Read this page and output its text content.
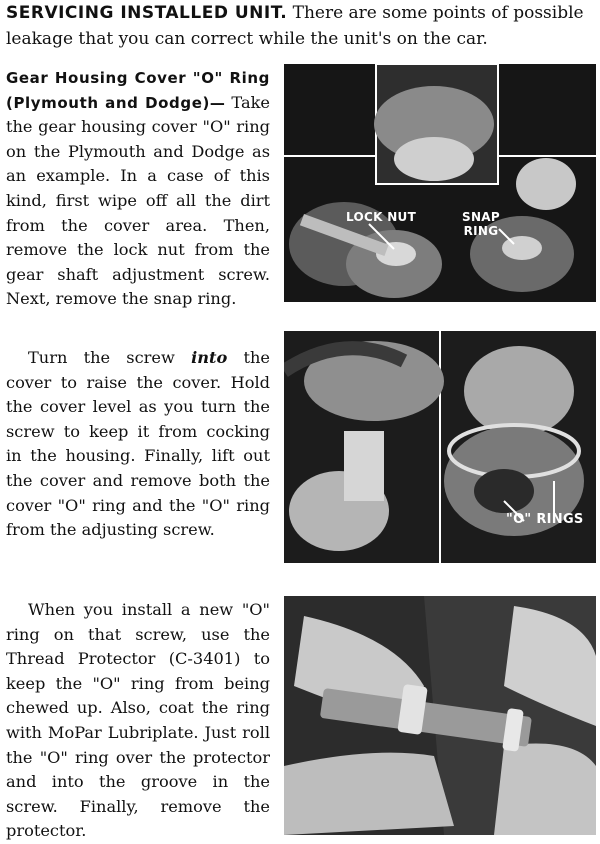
SERVICING INSTALLED UNIT. There are some points of possible leakage that you can correct while the unit's on the car.

Gear Housing Cover "O" Ring (Plymouth and Dodge)— Take the gear housing cover "O" ring on the Plymouth and Dodge as an example. In a case of this kind, first wipe off all the dirt from the cover area. Then, remove the lock nut from the gear shaft adjustment screw. Next, remove the snap ring.

Turn the screw into the cover to raise the cover. Hold the cover level as you turn the screw to keep it from cocking in the housing. Finally, lift out the cover and remove both the cover "O" ring and the "O" ring from the adjusting screw.

When you install a new "O" ring on that screw, use the Thread Protector (C-3401) to keep the "O" ring from being chewed up. Also, coat the ring with MoPar Lubriplate. Just roll the "O" ring over the protector and into the groove in the screw. Finally, remove the protector.

LOCK NUT	SNAP
RING
"O" RINGS
